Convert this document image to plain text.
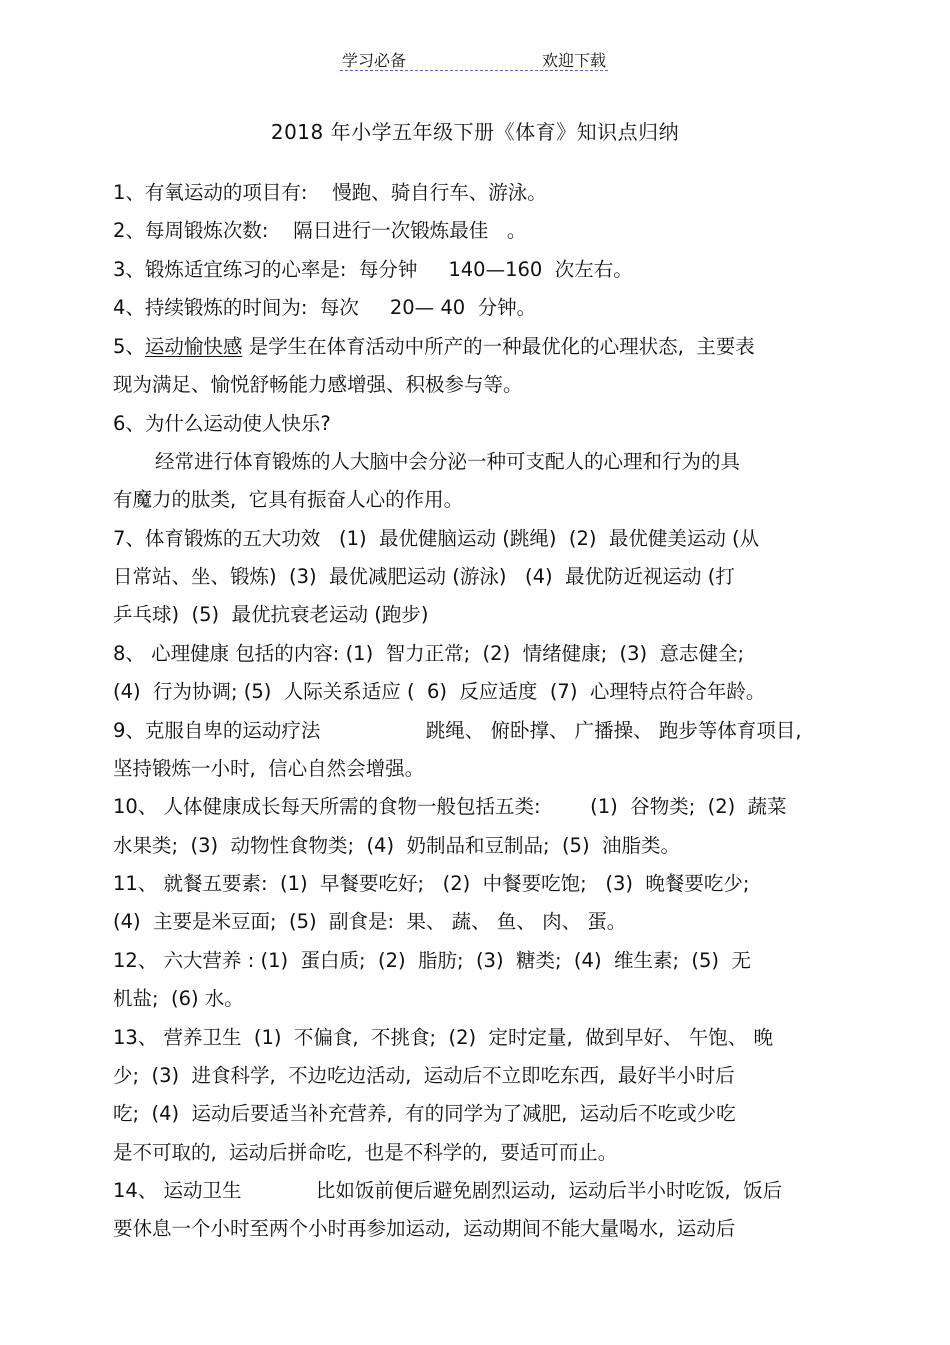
学习必备	欢迎下载
2018 年小学五年级下册《体育》知识点归纳
1、有氧运动的项目有:    慢跑、骑自行车、游泳。
2、每周锻炼次数:    隔日进行一次锻炼最佳   。
3、锻炼适宜练习的心率是:  每分钟     140—160  次左右。
4、持续锻炼的时间为:  每次     20— 40  分钟。
5、运动愉快感 是学生在体育活动中所产的一种最优化的心理状态,  主要表
现为满足、愉悦舒畅能力感增强、积极参与等。
6、为什么运动使人快乐?
经常进行体育锻炼的人大脑中会分泌一种可支配人的心理和行为的具
有魔力的肽类,  它具有振奋人心的作用。
7、体育锻炼的五大功效   (1)  最优健脑运动 (跳绳)  (2)  最优健美运动 (从
日常站、坐、锻炼)  (3)  最优减肥运动 (游泳)   (4)  最优防近视运动 (打
乒乓球)  (5)  最优抗衰老运动 (跑步)
8、 心理健康 包括的内容: (1)  智力正常;  (2)  情绪健康;  (3)  意志健全;
(4)  行为协调; (5)  人际关系适应 (  6)  反应适度  (7)  心理特点符合年龄。
9、克服自卑的运动疗法                 跳绳、 俯卧撑、 广播操、 跑步等体育项目,
坚持锻炼一小时,  信心自然会增强。
10、 人体健康成长每天所需的食物一般包括五类:        (1)  谷物类;  (2)  蔬菜
水果类;  (3)  动物性食物类;  (4)  奶制品和豆制品;  (5)  油脂类。
11、 就餐五要素:  (1)  早餐要吃好;   (2)  中餐要吃饱;   (3)  晚餐要吃少;
(4)  主要是米豆面;  (5)  副食是:  果、 蔬、 鱼、 肉、 蛋。
12、 六大营养 : (1)  蛋白质;  (2)  脂肪;  (3)  糖类;  (4)  维生素;  (5)  无
机盐;  (6) 水。
13、 营养卫生  (1)  不偏食,  不挑食;  (2)  定时定量,  做到早好、 午饱、 晚
少;  (3)  进食科学,  不边吃边活动,  运动后不立即吃东西,  最好半小时后
吃;  (4)  运动后要适当补充营养,  有的同学为了减肥,  运动后不吃或少吃
是不可取的,  运动后拼命吃,  也是不科学的,  要适可而止。
14、 运动卫生            比如饭前便后避免剧烈运动,  运动后半小时吃饭,  饭后
要休息一个小时至两个小时再参加运动,  运动期间不能大量喝水,  运动后
